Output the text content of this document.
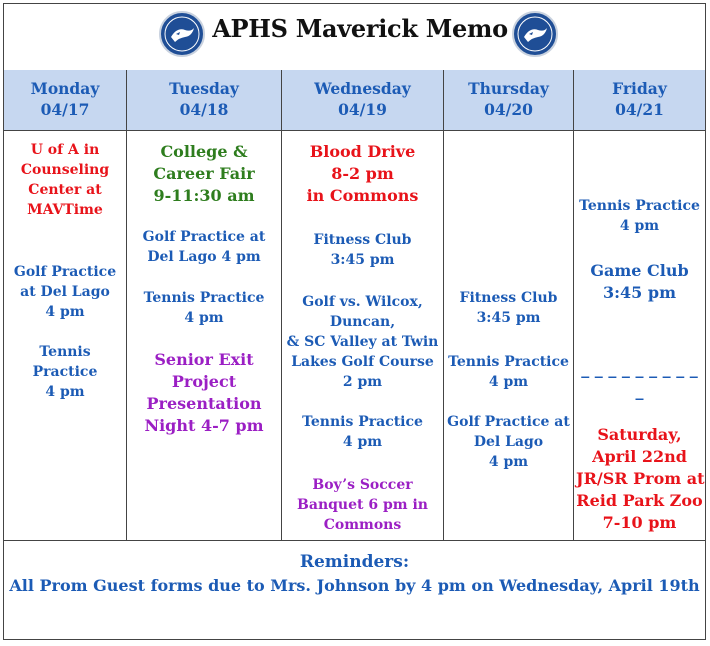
APHS Maverick Memo
Monday
04/17
Tuesday
04/18
Wednesday
04/19
Thursday
04/20
Friday
04/21
U of A in
Counseling
Center at
MAVTime
Golf Practice
at Del Lago
4 pm
Tennis
Practice
4 pm
College &
Career Fair
9-11:30 am
Golf Practice at
Del Lago 4 pm
Tennis Practice
4 pm
Senior Exit
Project
Presentation
Night 4-7 pm
Blood Drive
8-2 pm
in Commons
Fitness Club
3:45 pm
Golf vs. Wilcox,
Duncan,
& SC Valley at Twin
Lakes Golf Course
2 pm
Tennis Practice
4 pm
Boy’s Soccer
Banquet 6 pm in
Commons
Fitness Club
3:45 pm
Tennis Practice
4 pm
Golf Practice at
Del Lago
4 pm
Tennis Practice
4 pm
Game Club
3:45 pm
_ _ _ _ _ _ _ _ _
_
Saturday,
April 22nd
JR/SR Prom at
Reid Park Zoo
7-10 pm
Reminders:
All Prom Guest forms due to Mrs. Johnson by 4 pm on Wednesday, April 19th
